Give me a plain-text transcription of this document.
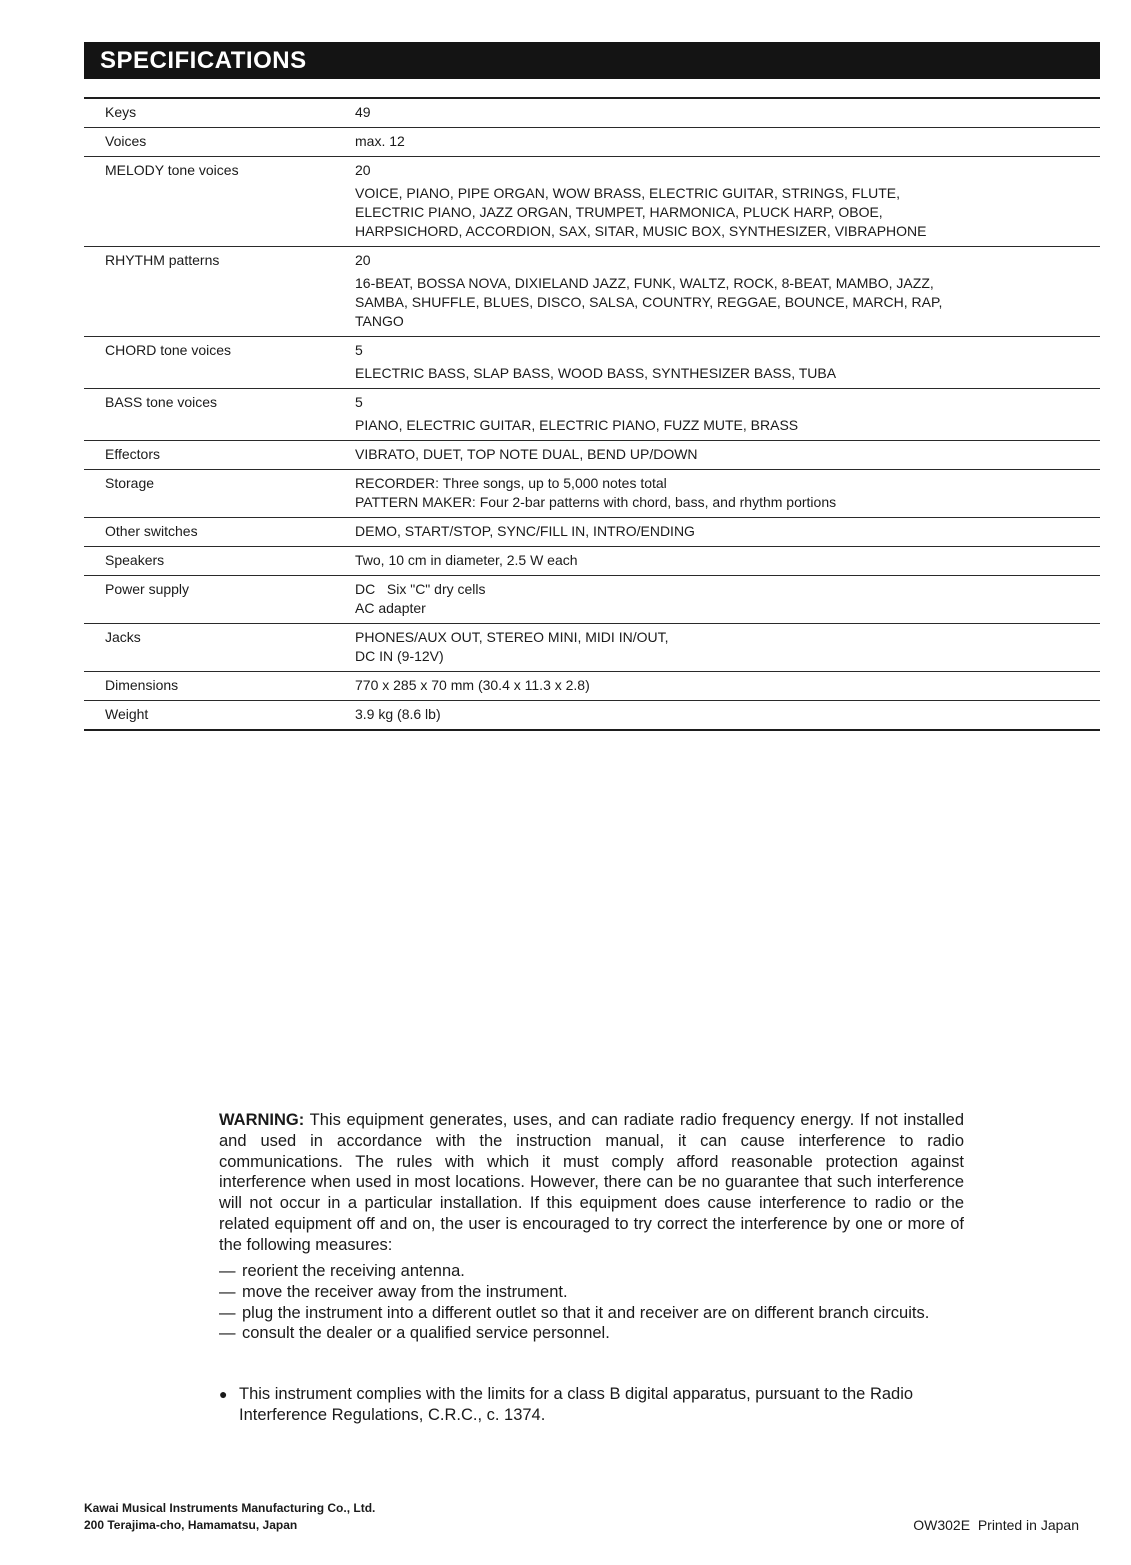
SPECIFICATIONS
Keys	49
Voices	max. 12
MELODY tone voices	20
VOICE, PIANO, PIPE ORGAN, WOW BRASS, ELECTRIC GUITAR, STRINGS, FLUTE,
ELECTRIC PIANO, JAZZ ORGAN, TRUMPET, HARMONICA, PLUCK HARP, OBOE,
HARPSICHORD, ACCORDION, SAX, SITAR, MUSIC BOX, SYNTHESIZER, VIBRAPHONE
RHYTHM patterns	20
16-BEAT, BOSSA NOVA, DIXIELAND JAZZ, FUNK, WALTZ, ROCK, 8-BEAT, MAMBO, JAZZ,
SAMBA, SHUFFLE, BLUES, DISCO, SALSA, COUNTRY, REGGAE, BOUNCE, MARCH, RAP,
TANGO
CHORD tone voices	5
ELECTRIC BASS, SLAP BASS, WOOD BASS, SYNTHESIZER BASS, TUBA
BASS tone voices	5
PIANO, ELECTRIC GUITAR, ELECTRIC PIANO, FUZZ MUTE, BRASS
Effectors	VIBRATO, DUET, TOP NOTE DUAL, BEND UP/DOWN
Storage	RECORDER: Three songs, up to 5,000 notes total
PATTERN MAKER: Four 2-bar patterns with chord, bass, and rhythm portions
Other switches	DEMO, START/STOP, SYNC/FILL IN, INTRO/ENDING
Speakers	Two, 10 cm in diameter, 2.5 W each
Power supply	DC   Six "C" dry cells
AC adapter
Jacks	PHONES/AUX OUT, STEREO MINI, MIDI IN/OUT,
DC IN (9-12V)
Dimensions	770 x 285 x 70 mm (30.4 x 11.3 x 2.8)
Weight	3.9 kg (8.6 lb)
WARNING: This equipment generates, uses, and can radiate radio frequency energy. If not installed and used in accordance with the instruction manual, it can cause interference to radio communications. The rules with which it must comply afford reasonable protection against interference when used in most locations. However, there can be no guarantee that such interference will not occur in a particular installation. If this equipment does cause interference to radio or the related equipment off and on, the user is encouraged to try correct the interference by one or more of the following measures:
— reorient the receiving antenna.
— move the receiver away from the instrument.
— plug the instrument into a different outlet so that it and receiver are on different branch circuits.
— consult the dealer or a qualified service personnel.
● This instrument complies with the limits for a class B digital apparatus, pursuant to the Radio Interference Regulations, C.R.C., c. 1374.
Kawai Musical Instruments Manufacturing Co., Ltd.
200 Terajima-cho, Hamamatsu, Japan	OW302E  Printed in Japan
